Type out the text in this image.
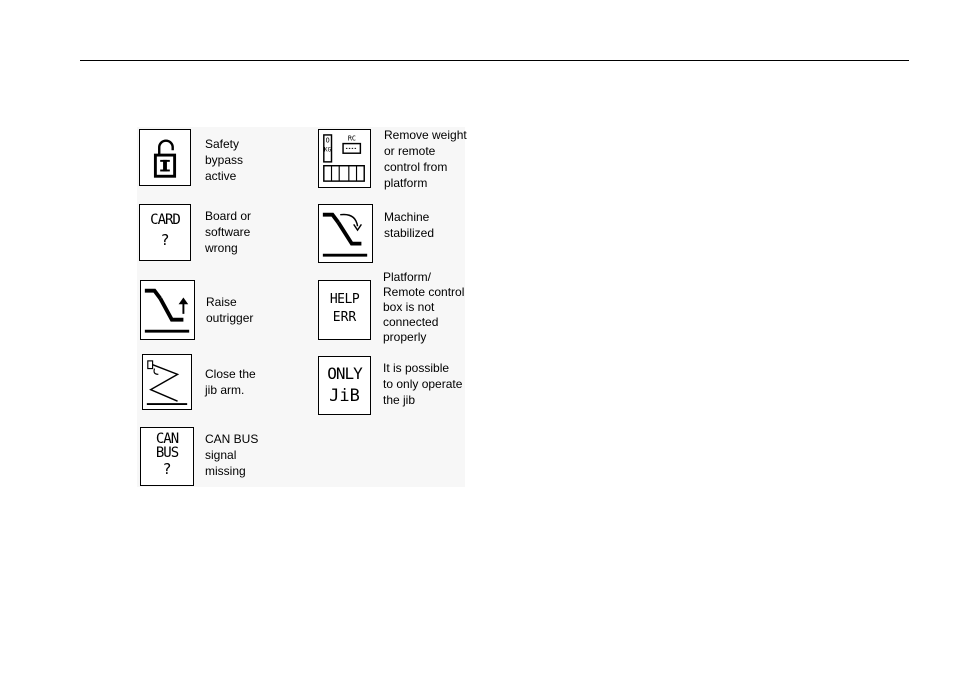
Safety
bypass
active
O
KG
RC Remove weight
or remote
control from
platform
CARD
?
Board or
software
wrong
Machine
stabilized
Raise
outrigger
HELP
ERR
Platform/
Remote control
box is not
connected
properly
Close the
jib arm.
ONLY
JiB
It is possible
to only operate
the jib
CAN
BUS
?
CAN BUS
signal
missing
